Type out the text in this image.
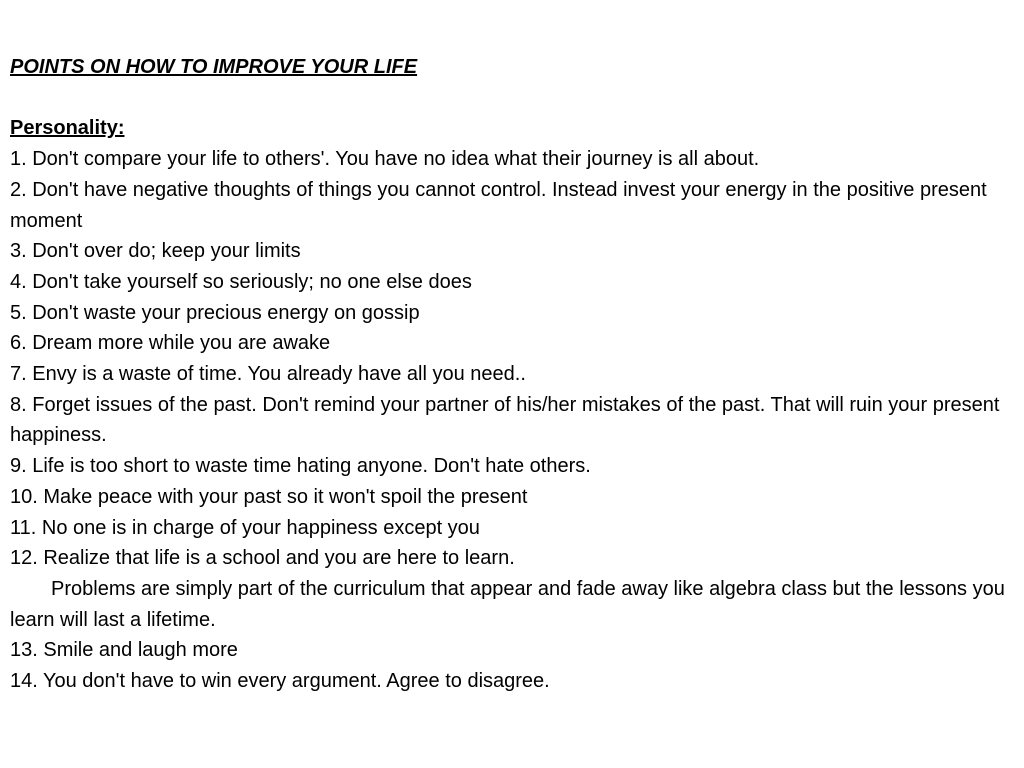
POINTS ON HOW TO IMPROVE YOUR LIFE

Personality:

1. Don't compare your life to others'. You have no idea what their journey is all about.

2. Don't have negative thoughts of things you cannot control. Instead invest your energy in the positive present moment

3. Don't over do; keep your limits

4. Don't take yourself so seriously; no one else does

5. Don't waste your precious energy on gossip

6. Dream more while you are awake

7. Envy is a waste of time. You already have all you need..

8. Forget issues of the past. Don't remind your partner of his/her mistakes of the past. That will ruin your present happiness.

9. Life is too short to waste time hating anyone. Don't hate others.

10. Make peace with your past so it won't spoil the present

11. No one is in charge of your happiness except you

12. Realize that life is a school and you are here to learn.

Problems are simply part of the curriculum that appear and fade away like algebra class but the lessons you learn will last a lifetime.

13. Smile and laugh more

14. You don't have to win every argument. Agree to disagree.
